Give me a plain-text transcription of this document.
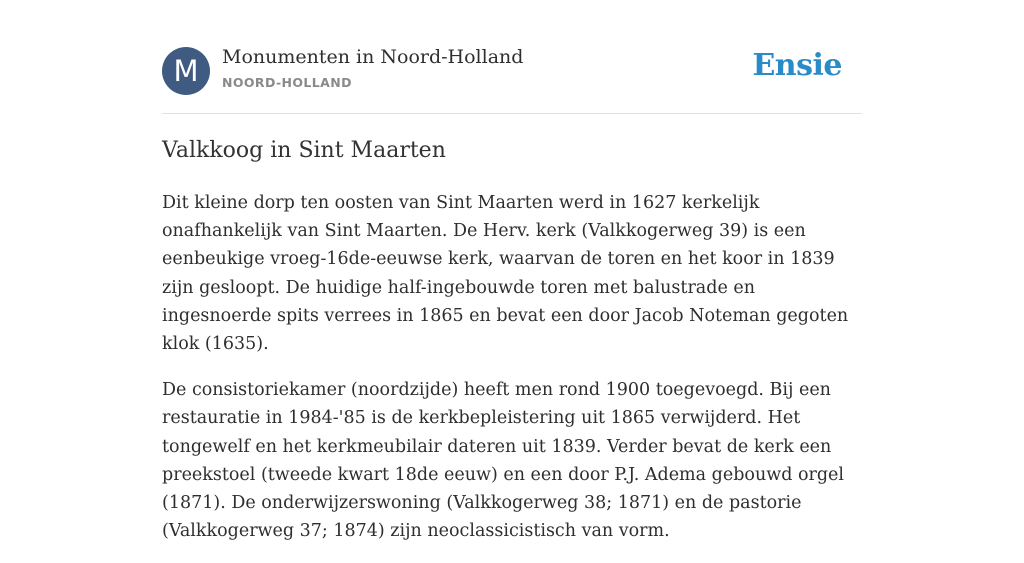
M	Monumenten in Noord-Holland
NOORD-HOLLAND	Ensie
Valkkoog in Sint Maarten

Dit kleine dorp ten oosten van Sint Maarten werd in 1627 kerkelijk onafhankelijk van Sint Maarten. De Herv. kerk (Valkkogerweg 39) is een eenbeukige vroeg-16de-eeuwse kerk, waarvan de toren en het koor in 1839 zijn gesloopt. De huidige half-ingebouwde toren met balustrade en ingesnoerde spits verrees in 1865 en bevat een door Jacob Noteman gegoten klok (1635).

De consistoriekamer (noordzijde) heeft men rond 1900 toegevoegd. Bij een restauratie in 1984-'85 is de kerkbepleistering uit 1865 verwijderd. Het tongewelf en het kerkmeubilair dateren uit 1839. Verder bevat de kerk een preekstoel (tweede kwart 18de eeuw) en een door P.J. Adema gebouwd orgel (1871). De onderwijzerswoning (Valkkogerweg 38; 1871) en de pastorie (Valkkogerweg 37; 1874) zijn neoclassicistisch van vorm.
